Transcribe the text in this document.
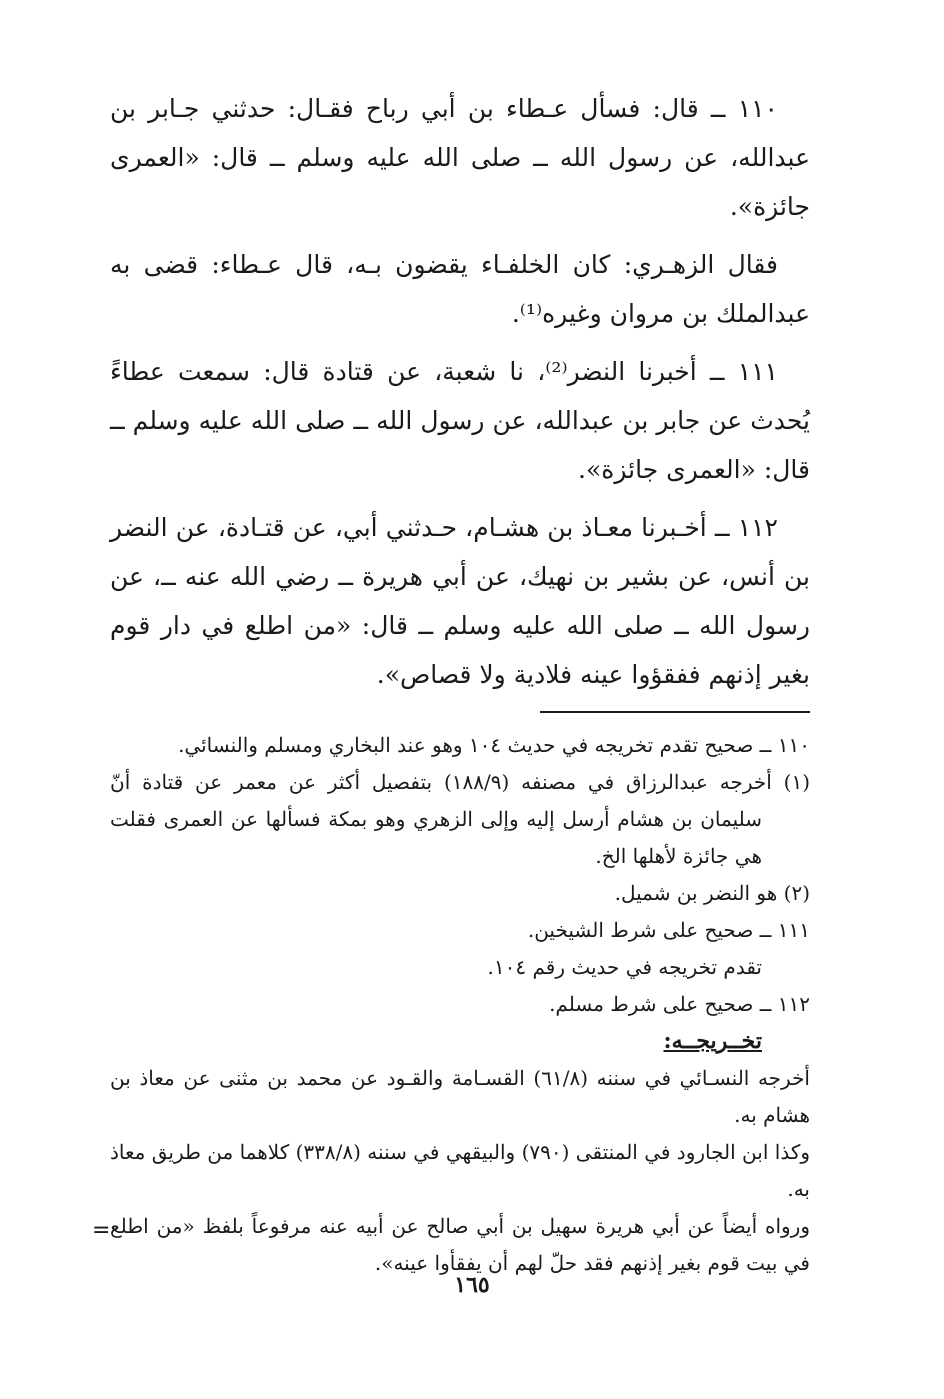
١١٠ ــ قال: فسأل عـطاء بن أبي رباح فقـال: حدثني جـابر بن عبدالله، عن رسول الله ــ صلى الله عليه وسلم ــ قال: «العمرى جائزة».

فقال الزهـري: كان الخلفـاء يقضون بـه، قال عـطاء: قضى به عبدالملك بن مروان وغيره⁽¹⁾.

١١١ ــ أخبرنا النضر⁽²⁾، نا شعبة، عن قتادة قال: سمعت عطاءً يُحدث عن جابر بن عبدالله، عن رسول الله ــ صلى الله عليه وسلم ــ قال: «العمرى جائزة».

١١٢ ــ أخـبرنا معـاذ بن هشـام، حـدثني أبي، عن قتـادة، عن النضر بن أنس، عن بشير بن نهيك، عن أبي هريرة ــ رضي الله عنه ــ، عن رسول الله ــ صلى الله عليه وسلم ــ قال: «من اطلع في دار قوم بغير إذنهم ففقؤوا عينه فلادية ولا قصاص».

١١٠ ــ صحيح تقدم تخريجه في حديث ١٠٤ وهو عند البخاري ومسلم والنسائي.

(١) أخرجه عبدالرزاق في مصنفه (١٨٨/٩) بتفصيل أكثر عن معمر عن قتادة أنّ سليمان بن هشام أرسل إليه وإلى الزهري وهو بمكة فسألها عن العمرى فقلت هي جائزة لأهلها الخ.

(٢) هو النضر بن شميل.

١١١ ــ صحيح على شرط الشيخين.

تقدم تخريجه في حديث رقم ١٠٤.

١١٢ ــ صحيح على شرط مسلم.

تخــريجــه:

أخرجه النسـائي في سننه (٦١/٨) القسـامة والقـود عن محمد بن مثنى عن معاذ بن هشام به.

وكذا ابن الجارود في المنتقى (٧٩٠) والبيقهي في سننه (٣٣٨/٨) كلاهما من طريق معاذ به.

ورواه أيضاً عن أبي هريرة سهيل بن أبي صالح عن أبيه عنه مرفوعاً بلفظ «من اطلع في بيت قوم بغير إذنهم فقد حلّ لهم أن يفقأوا عينه».

=
١٦٥
